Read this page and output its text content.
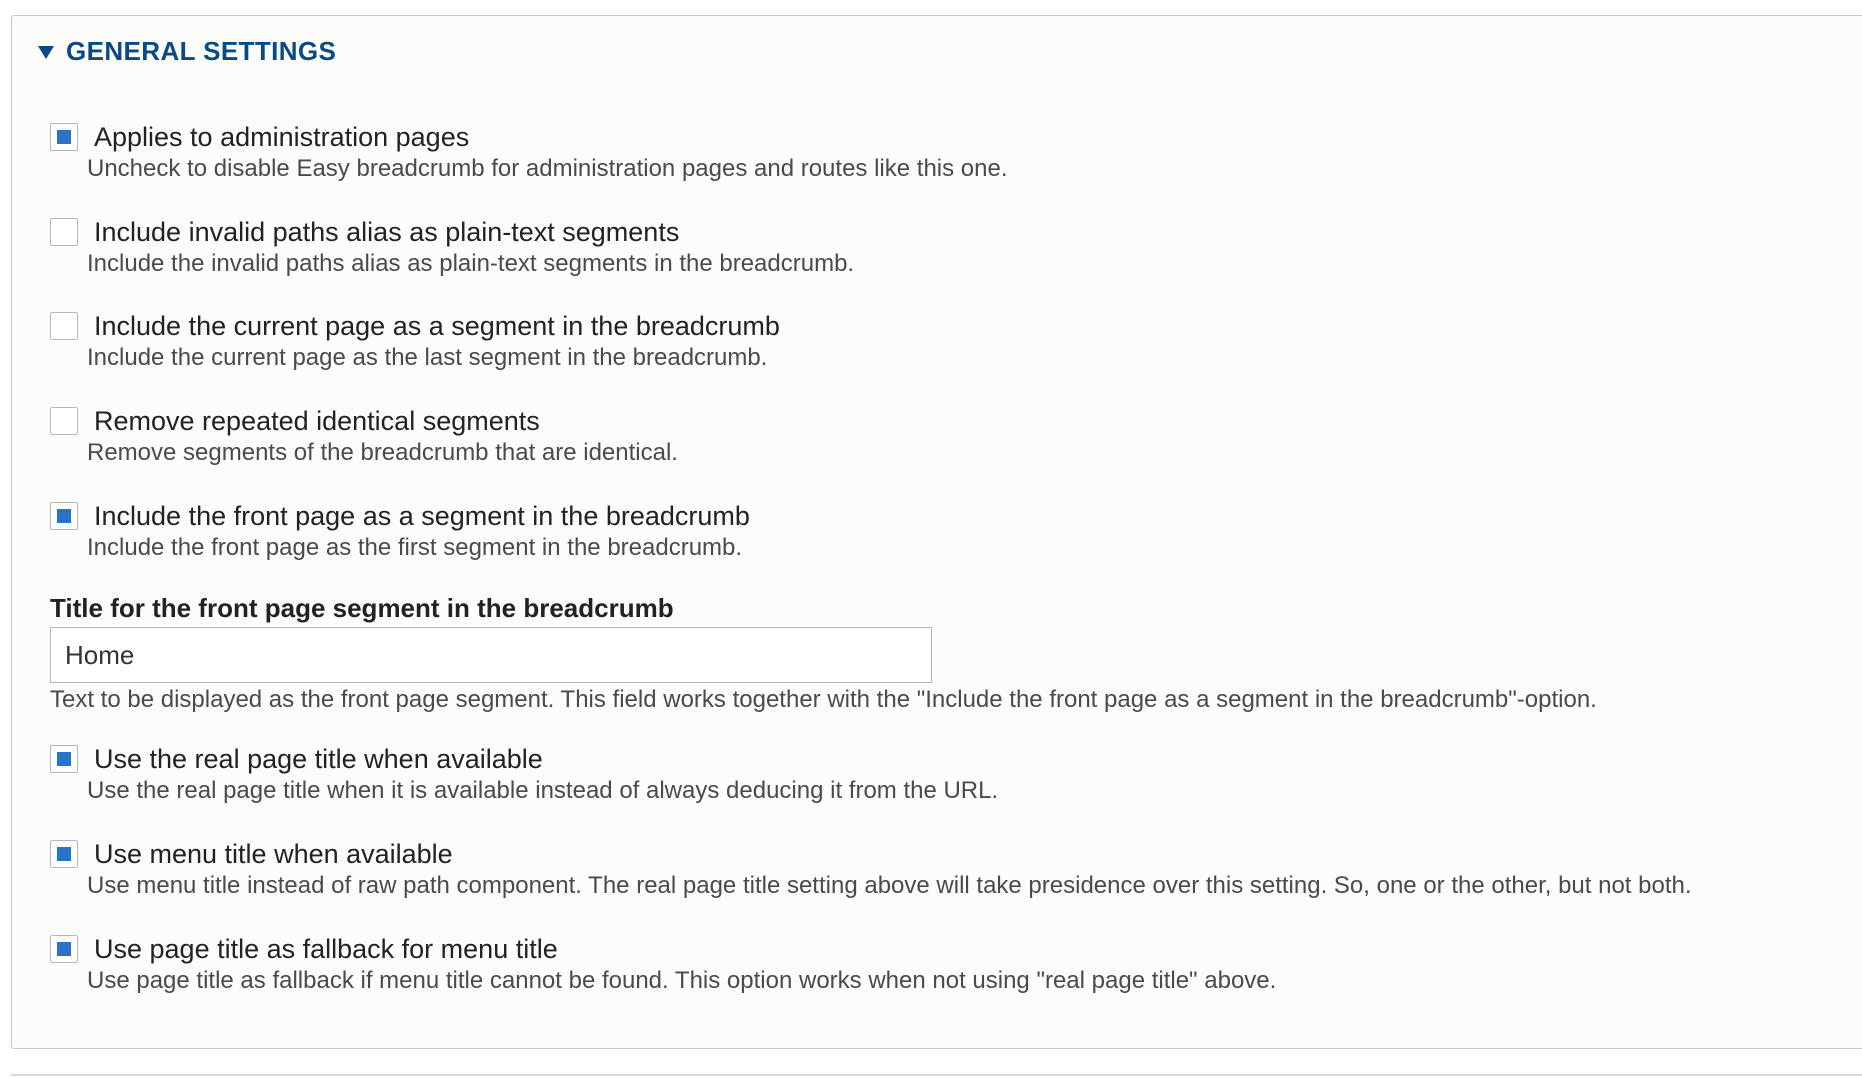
GENERAL SETTINGS
Applies to administration pages
Uncheck to disable Easy breadcrumb for administration pages and routes like this one.
Include invalid paths alias as plain-text segments
Include the invalid paths alias as plain-text segments in the breadcrumb.
Include the current page as a segment in the breadcrumb
Include the current page as the last segment in the breadcrumb.
Remove repeated identical segments
Remove segments of the breadcrumb that are identical.
Include the front page as a segment in the breadcrumb
Include the front page as the first segment in the breadcrumb.
Title for the front page segment in the breadcrumb
Home
Text to be displayed as the front page segment. This field works together with the "Include the front page as a segment in the breadcrumb"-option.
Use the real page title when available
Use the real page title when it is available instead of always deducing it from the URL.
Use menu title when available
Use menu title instead of raw path component. The real page title setting above will take presidence over this setting. So, one or the other, but not both.
Use page title as fallback for menu title
Use page title as fallback if menu title cannot be found. This option works when not using "real page title" above.
